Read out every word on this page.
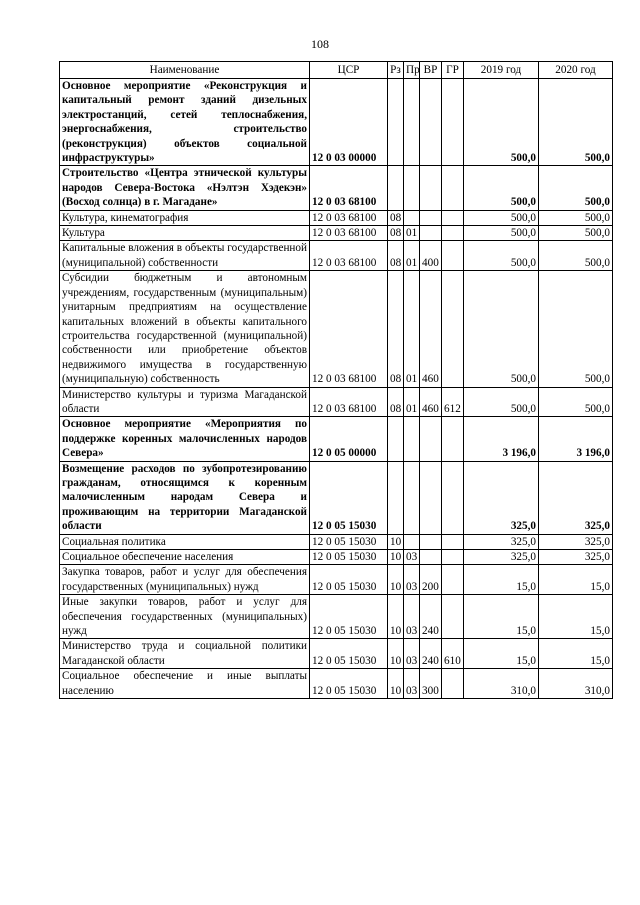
108
Наименование	ЦСР	Рз	Пр	ВР	ГР	2019 год	2020 год
Основное мероприятие «Реконструкция и капитальный ремонт зданий дизельных электростанций, сетей теплоснабжения, энергоснабжения, строительство (реконструкция) объектов социальной инфраструктуры»	12 0 03 00000					500,0	500,0
Строительство «Центра этнической культуры народов Севера-Востока «Нэлтэн Хэдекэн» (Восход солнца) в г. Магадане»	12 0 03 68100					500,0	500,0
Культура, кинематография	12 0 03 68100	08				500,0	500,0
Культура	12 0 03 68100	08	01			500,0	500,0
Капитальные вложения в объекты государственной (муниципальной) собственности	12 0 03 68100	08	01	400		500,0	500,0
Субсидии бюджетным и автономным учреждениям, государственным (муниципальным) унитарным предприятиям на осуществление капитальных вложений в объекты капитального строительства государственной (муниципальной) собственности или приобретение объектов недвижимого имущества в государственную (муниципальную) собственность	12 0 03 68100	08	01	460		500,0	500,0
Министерство культуры и туризма Магаданской области	12 0 03 68100	08	01	460	612	500,0	500,0
Основное мероприятие «Мероприятия по поддержке коренных малочисленных народов Севера»	12 0 05 00000					3 196,0	3 196,0
Возмещение расходов по зубопротезированию гражданам, относящимся к коренным малочисленным народам Севера и проживающим на территории Магаданской области	12 0 05 15030					325,0	325,0
Социальная политика	12 0 05 15030	10				325,0	325,0
Социальное обеспечение населения	12 0 05 15030	10	03			325,0	325,0
Закупка товаров, работ и услуг для обеспечения государственных (муниципальных) нужд	12 0 05 15030	10	03	200		15,0	15,0
Иные закупки товаров, работ и услуг для обеспечения государственных (муниципальных) нужд	12 0 05 15030	10	03	240		15,0	15,0
Министерство труда и социальной политики Магаданской области	12 0 05 15030	10	03	240	610	15,0	15,0
Социальное обеспечение и иные выплаты населению	12 0 05 15030	10	03	300		310,0	310,0
